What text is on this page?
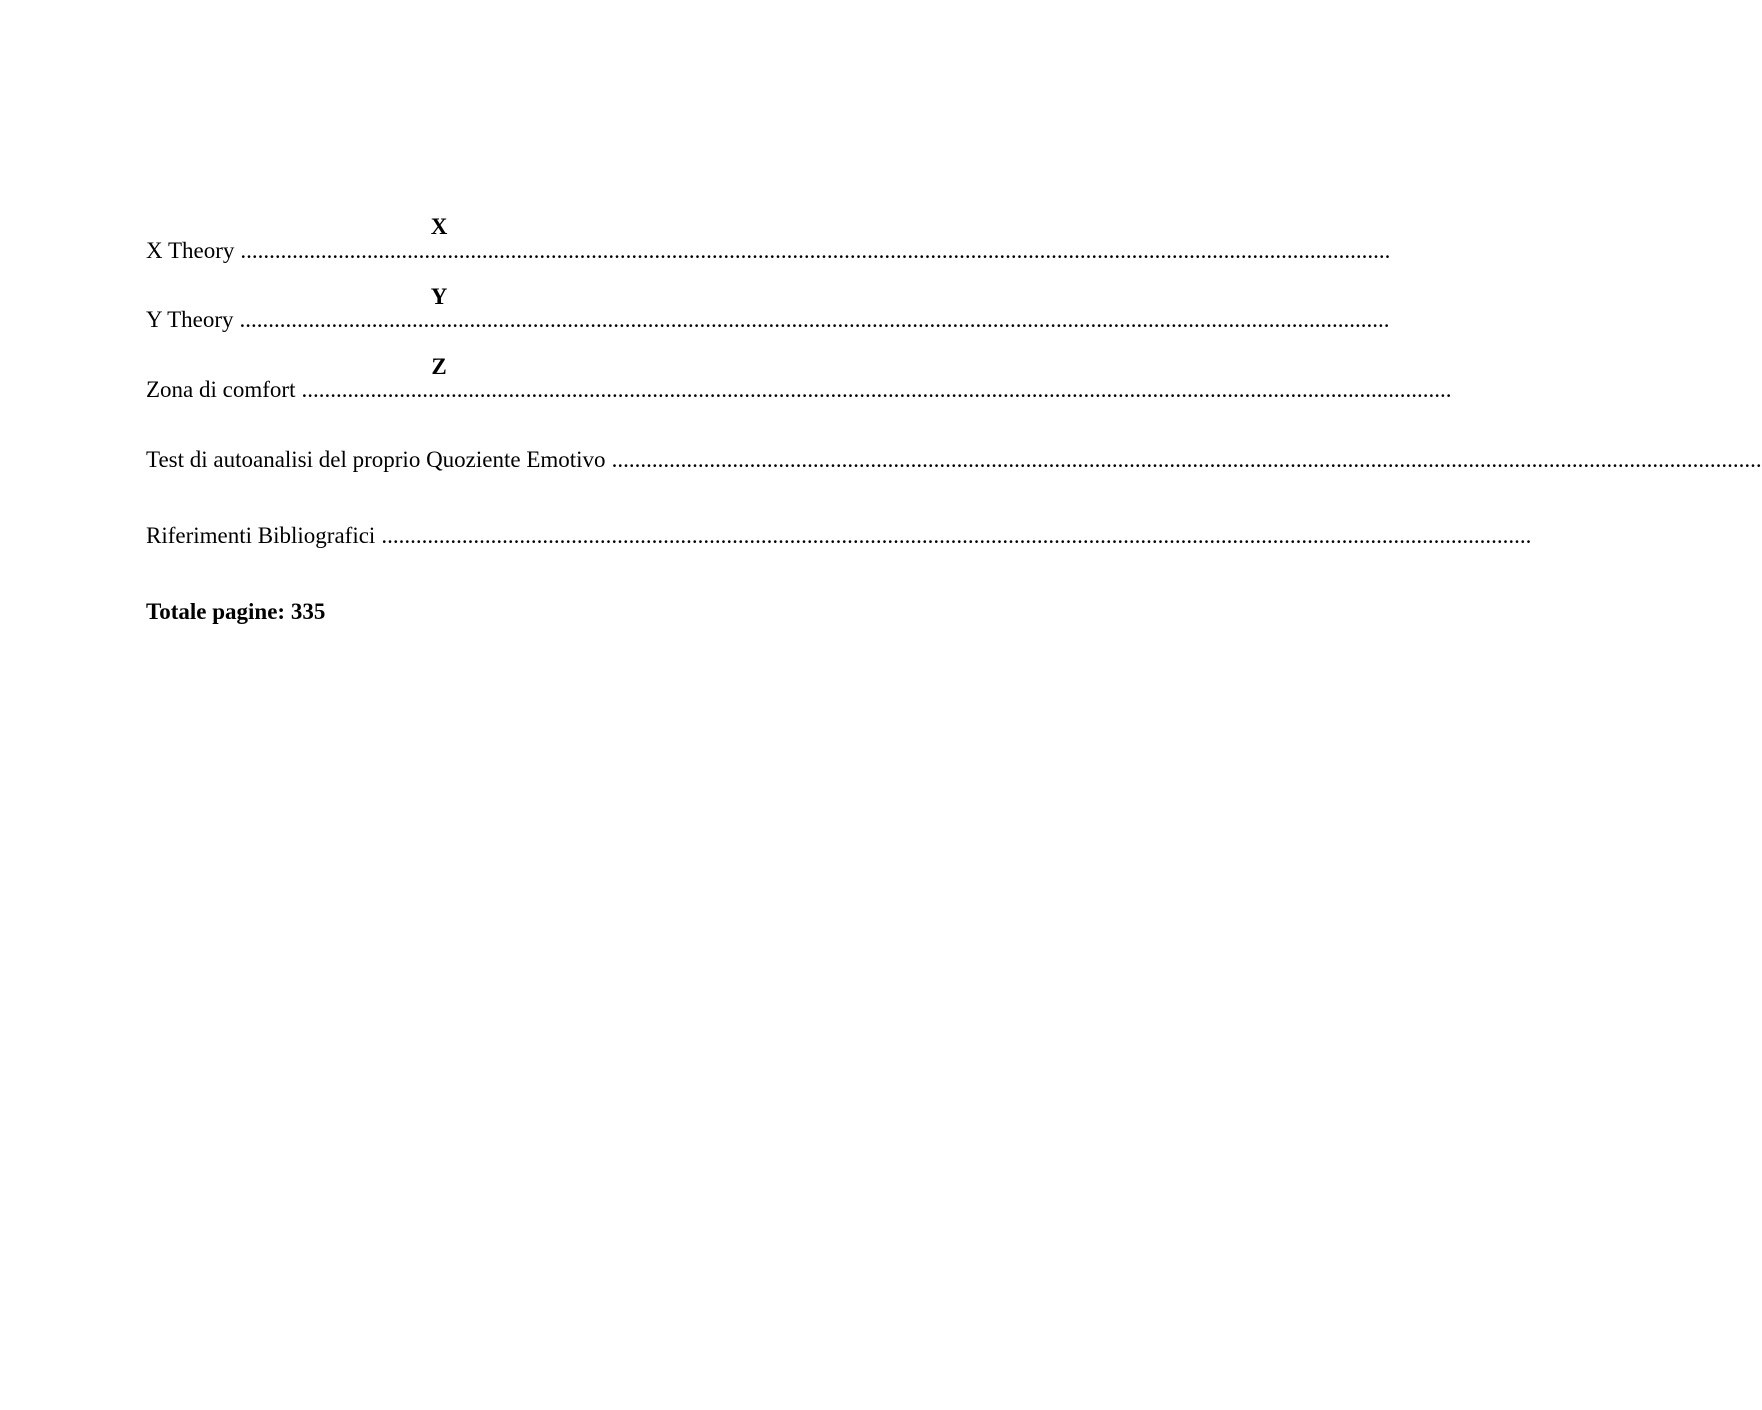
X
X Theory ........................................................................................................................................................................................................
Y
Y Theory ........................................................................................................................................................................................................
Z
Zona di comfort ........................................................................................................................................................................................................
Test di autoanalisi del proprio Quoziente Emotivo ........................................................................................................................................................................................................
Riferimenti Bibliografici ........................................................................................................................................................................................................
Totale pagine: 335
